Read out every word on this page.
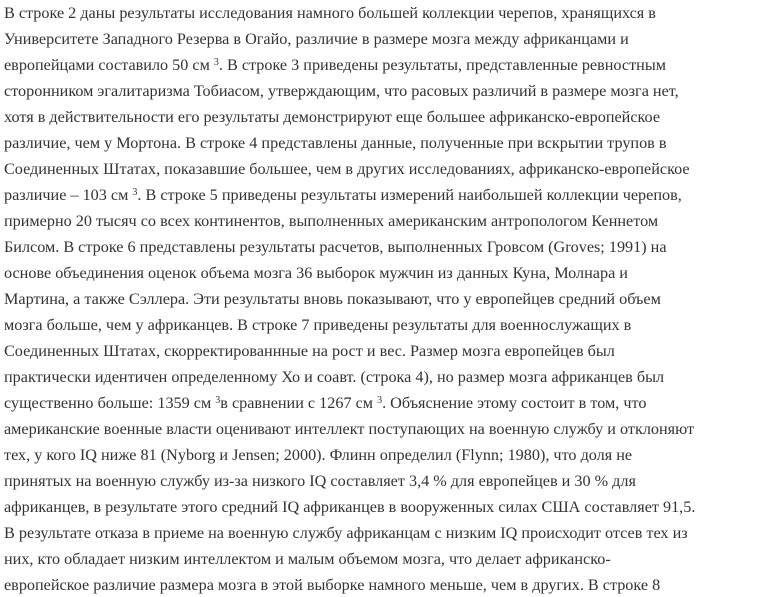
В строке 2 даны результаты исследования намного большей коллекции черепов, хранящихся в
Университете Западного Резерва в Огайо, различие в размере мозга между африканцами и
европейцами составило 50 см $^3$. В строке 3 приведены результаты, представленные ревностным
сторонником эгалитаризма Тобиасом, утверждающим, что расовых различий в размере мозга нет,
хотя в действительности его результаты демонстрируют еще большее африканско-европейское
различие, чем у Мортона. В строке 4 представлены данные, полученные при вскрытии трупов в
Соединенных Штатах, показавшие большее, чем в других исследованиях, африканско-европейское
различие – 103 см $^3$. В строке 5 приведены результаты измерений наибольшей коллекции черепов,
примерно 20 тысяч со всех континентов, выполненных американским антропологом Кеннетом
Билсом. В строке 6 представлены результаты расчетов, выполненных Гровсом (Groves; 1991) на
основе объединения оценок объема мозга 36 выборок мужчин из данных Куна, Молнара и
Мартина, а также Сэллера. Эти результаты вновь показывают, что у европейцев средний объем
мозга больше, чем у африканцев. В строке 7 приведены результаты для военнослужащих в
Соединенных Штатах, скорректированнные на рост и вес. Размер мозга европейцев был
практически идентичен определенному Хо и соавт. (строка 4), но размер мозга африканцев был
существенно больше: 1359 см $^3$в сравнении с 1267 см $^3$. Объяснение этому состоит в том, что
американские военные власти оценивают интеллект поступающих на военную службу и отклоняют
тех, у кого IQ ниже 81 (Nyborg и Jensen; 2000). Флинн определил (Flynn; 1980), что доля не
принятых на военную службу из-за низкого IQ составляет 3,4 % для европейцев и 30 % для
африканцев, в результате этого средний IQ африканцев в вооруженных силах США составляет 91,5.
В результате отказа в приеме на военную службу африканцам с низким IQ происходит отсев тех из
них, кто обладает низким интеллектом и малым объемом мозга, что делает африканско-
европейское различие размера мозга в этой выборке намного меньше, чем в других. В строке 8
